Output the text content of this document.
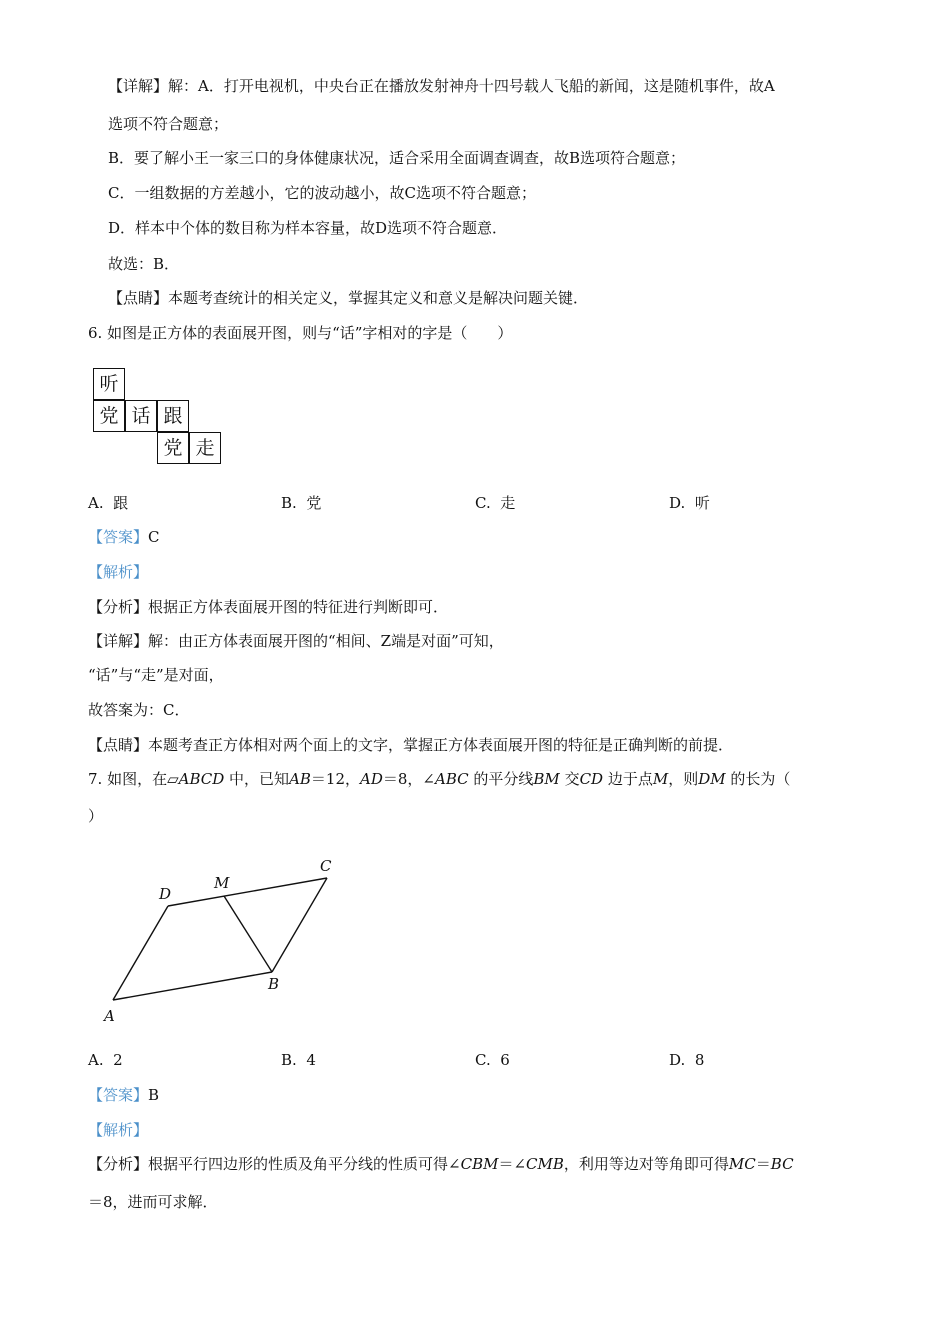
【详解】解：A．打开电视机，中央台正在播放发射神舟十四号载人飞船的新闻，这是随机事件，故A
选项不符合题意；
B．要了解小王一家三口的身体健康状况，适合采用全面调查调查，故B选项符合题意；
C．一组数据的方差越小，它的波动越小，故C选项不符合题意；
D．样本中个体的数目称为样本容量，故D选项不符合题意．
故选：B．
【点睛】本题考查统计的相关定义，掌握其定义和意义是解决问题关键．
6. 如图是正方体的表面展开图，则与“话”字相对的字是（　　）
听
党 话 跟
党 走
A. 跟	B. 党	C. 走	D. 听
【答案】C
【解析】
【分析】根据正方体表面展开图的特征进行判断即可．
【详解】解：由正方体表面展开图的“相间、Z端是对面”可知，
“话”与“走”是对面，
故答案为：C．
【点睛】本题考查正方体相对两个面上的文字，掌握正方体表面展开图的特征是正确判断的前提．
7. 如图，在▱ABCD 中，已知AB＝12，AD＝8，∠ABC 的平分线BM 交CD 边于点M，则DM 的长为（
）
A
B
C
D
M
A. 2	B. 4	C. 6	D. 8
【答案】B
【解析】
【分析】根据平行四边形的性质及角平分线的性质可得∠CBM＝∠CMB，利用等边对等角即可得MC＝BC
＝8，进而可求解．
